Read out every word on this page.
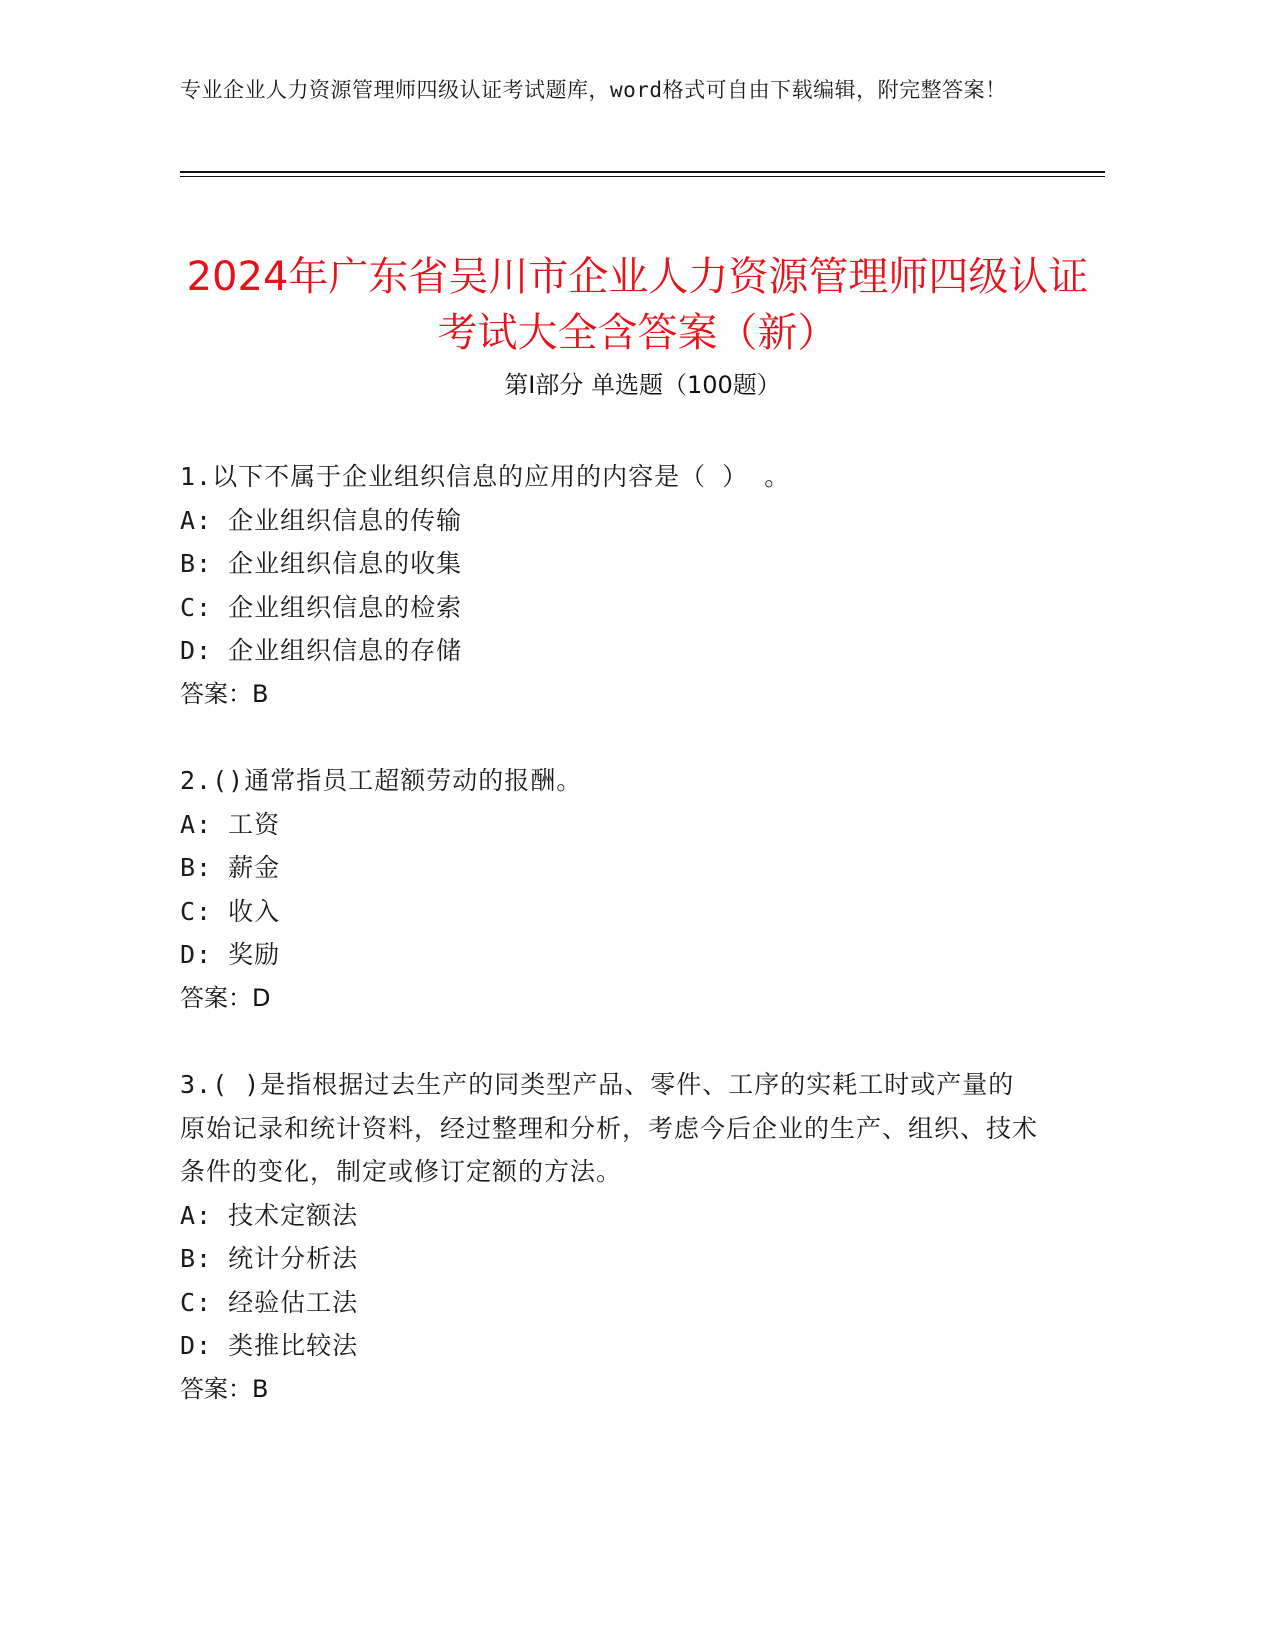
专业企业人力资源管理师四级认证考试题库，word格式可自由下载编辑，附完整答案！
2024年广东省吴川市企业人力资源管理师四级认证考试大全含答案（新）
第Ⅰ部分 单选题（100题）
1.以下不属于企业组织信息的应用的内容是（ ） 。
A: 企业组织信息的传输
B: 企业组织信息的收集
C: 企业组织信息的检索
D: 企业组织信息的存储
答案：B
2.()通常指员工超额劳动的报酬。
A: 工资
B: 薪金
C: 收入
D: 奖励
答案：D
3.( )是指根据过去生产的同类型产品、零件、工序的实耗工时或产量的原始记录和统计资料，经过整理和分析，考虑今后企业的生产、组织、技术条件的变化，制定或修订定额的方法。
A: 技术定额法
B: 统计分析法
C: 经验估工法
D: 类推比较法
答案：B
